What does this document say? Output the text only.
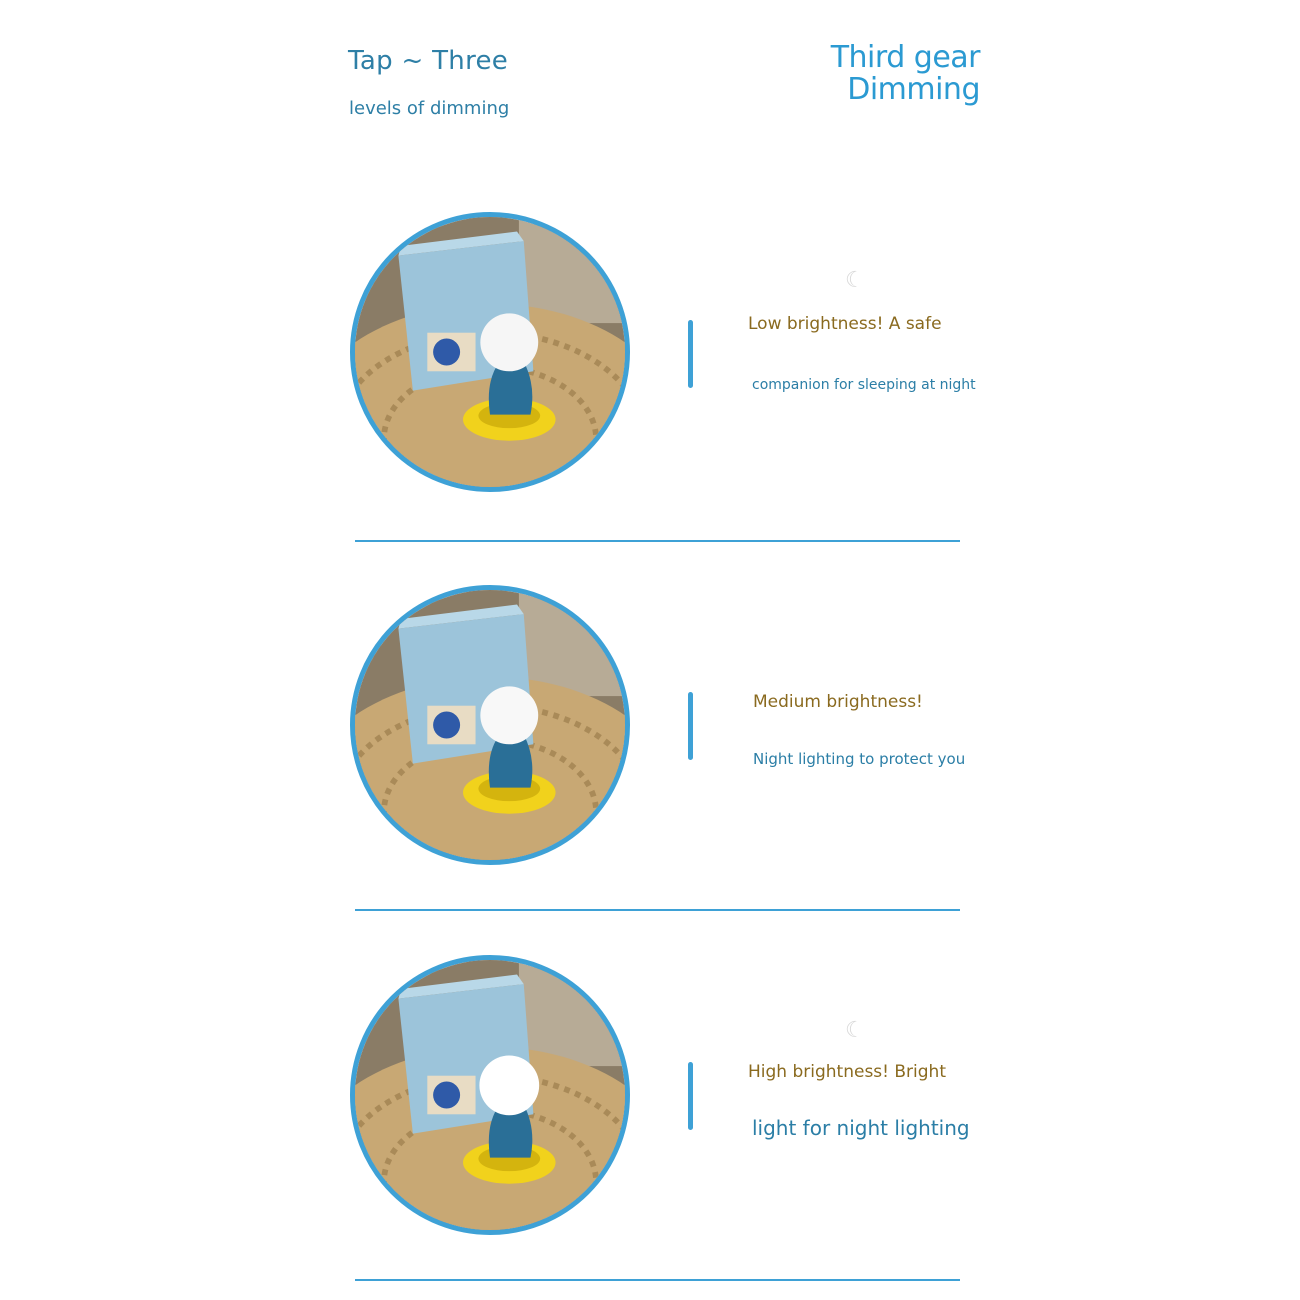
Tap ~ Three
levels of dimming
Third gear
Dimming
☾
Low brightness! A safe
companion for sleeping at night
Medium brightness!
Night lighting to protect you
☾
High brightness! Bright
light for night lighting
